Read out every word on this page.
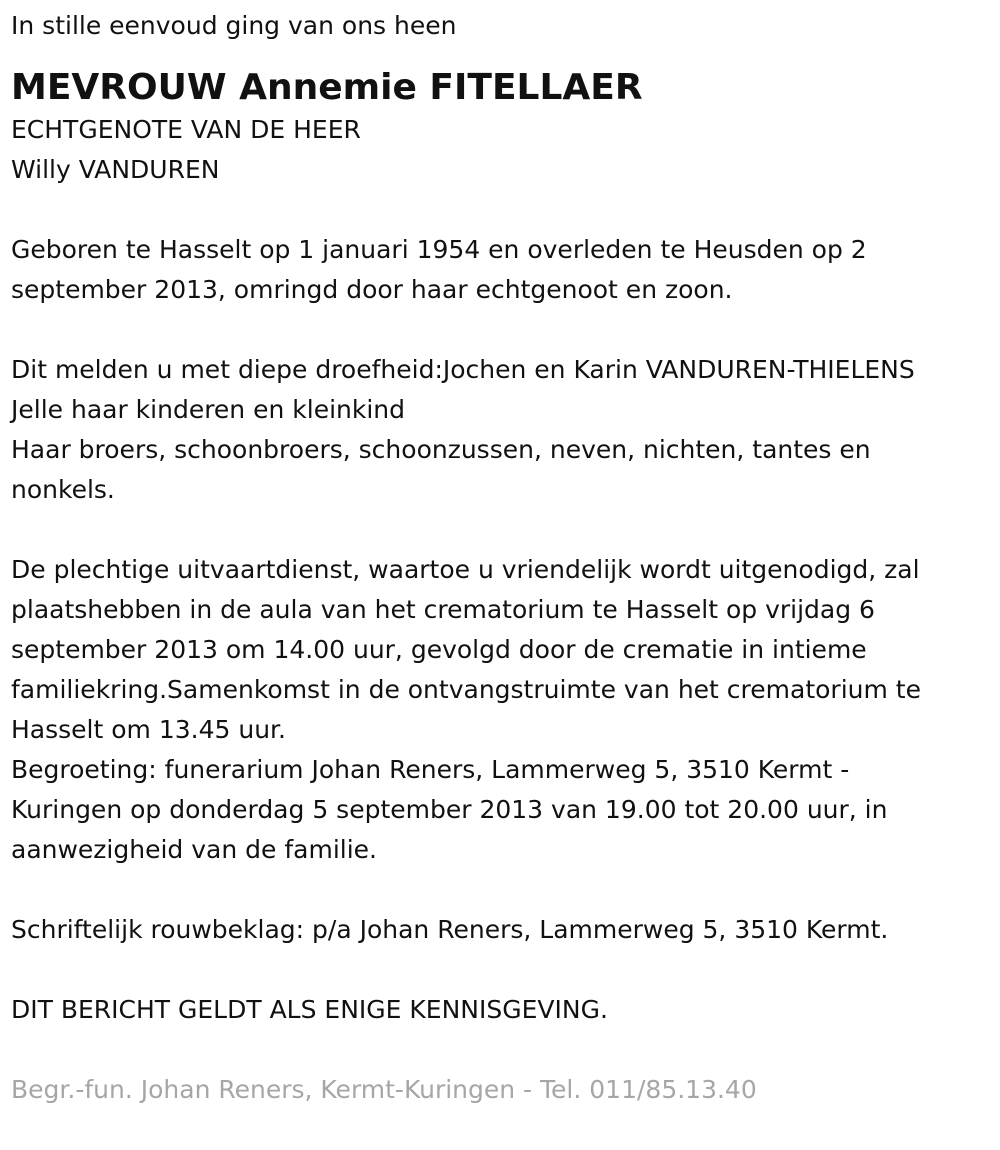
In stille eenvoud ging van ons heen
MEVROUW Annemie FITELLAER
ECHTGENOTE VAN DE HEER
Willy VANDUREN
Geboren te Hasselt op 1 januari 1954 en overleden te Heusden op 2
september 2013, omringd door haar echtgenoot en zoon.
Dit melden u met diepe droefheid:Jochen en Karin VANDUREN-THIELENS
Jelle haar kinderen en kleinkind
Haar broers, schoonbroers, schoonzussen, neven, nichten, tantes en
nonkels.
De plechtige uitvaartdienst, waartoe u vriendelijk wordt uitgenodigd, zal
plaatshebben in de aula van het crematorium te Hasselt op vrijdag 6
september 2013 om 14.00 uur, gevolgd door de crematie in intieme
familiekring.Samenkomst in de ontvangstruimte van het crematorium te
Hasselt om 13.45 uur.
Begroeting: funerarium Johan Reners, Lammerweg 5, 3510 Kermt -
Kuringen op donderdag 5 september 2013 van 19.00 tot 20.00 uur, in
aanwezigheid van de familie.
Schriftelijk rouwbeklag: p/a Johan Reners, Lammerweg 5, 3510 Kermt.
DIT BERICHT GELDT ALS ENIGE KENNISGEVING.
Begr.-fun. Johan Reners, Kermt-Kuringen - Tel. 011/85.13.40
